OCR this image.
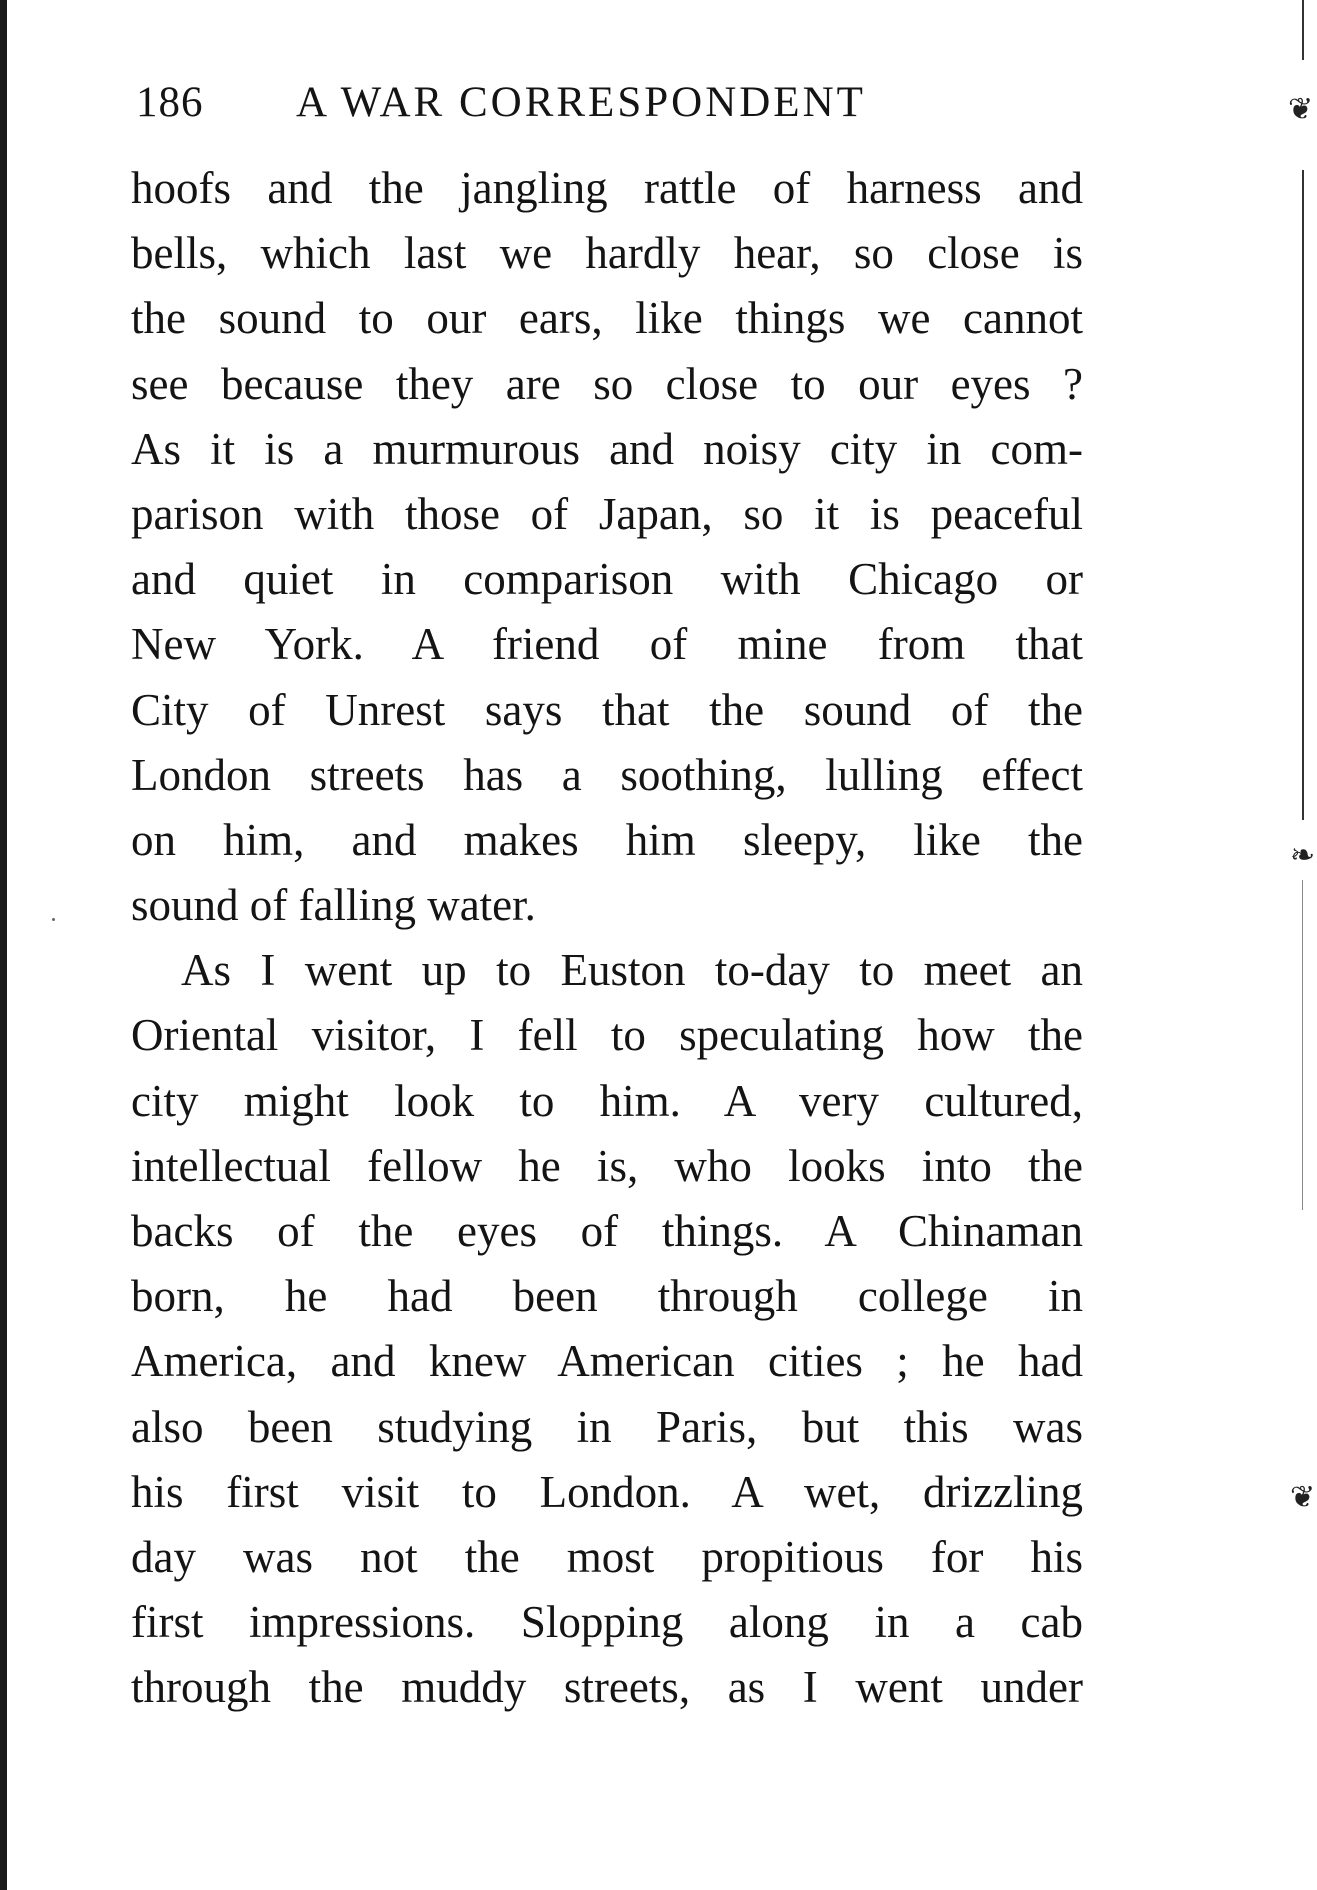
186 A WAR CORRESPONDENT
hoofs and the jangling rattle of harness and
bells, which last we hardly hear, so close is
the sound to our ears, like things we cannot
see because they are so close to our eyes ?
As it is a murmurous and noisy city in com-
parison with those of Japan, so it is peaceful
and quiet in comparison with Chicago or
New York. A friend of mine from that
City of Unrest says that the sound of the
London streets has a soothing, lulling effect
on him, and makes him sleepy, like the
sound of falling water.
As I went up to Euston to-day to meet an
Oriental visitor, I fell to speculating how the
city might look to him. A very cultured,
intellectual fellow he is, who looks into the
backs of the eyes of things. A Chinaman
born, he had been through college in
America, and knew American cities ; he had
also been studying in Paris, but this was
his first visit to London. A wet, drizzling
day was not the most propitious for his
first impressions. Slopping along in a cab
through the muddy streets, as I went under
❦
❧
❦
